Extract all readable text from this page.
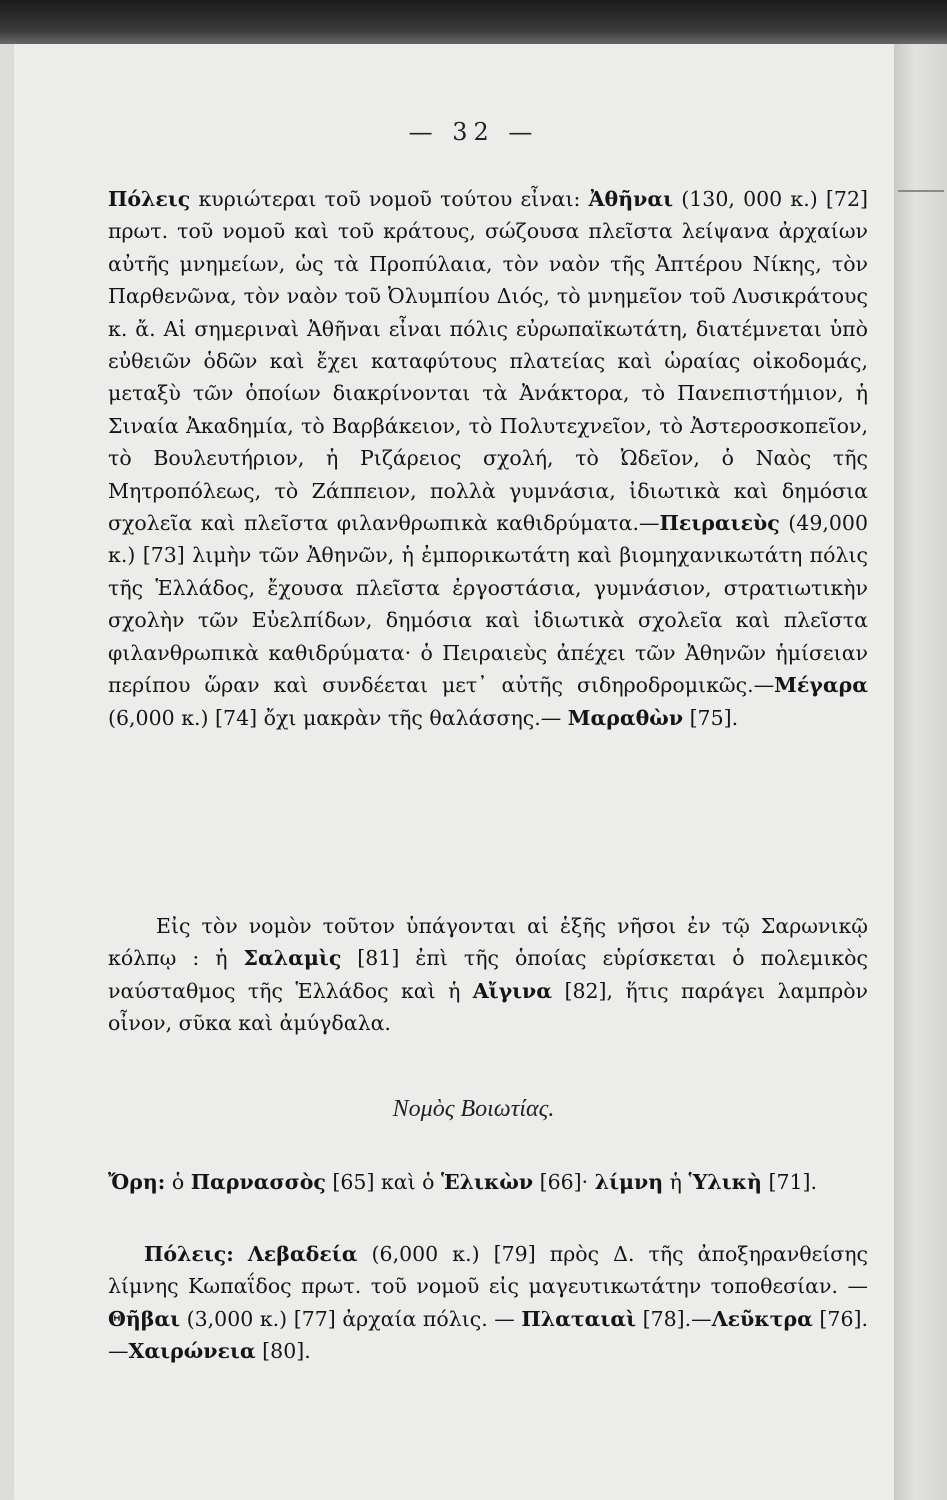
— 32 —

Πόλεις κυριώτεραι τοῦ νομοῦ τούτου εἶναι: Ἀθῆναι (130, 000 κ.) [72] πρωτ. τοῦ νομοῦ καὶ τοῦ κράτους, σώζουσα πλεῖστα λείψανα ἀρχαίων αὐτῆς μνημείων, ὡς τὰ Προπύλαια, τὸν ναὸν τῆς Ἀπτέρου Νίκης, τὸν Παρθενῶνα, τὸν ναὸν τοῦ Ὀλυμπίου Διός, τὸ μνημεῖον τοῦ Λυσικράτους κ. ἄ. Αἱ σημεριναὶ Ἀθῆναι εἶναι πόλις εὐρωπαϊκωτάτη, διατέμνεται ὑπὸ εὐθειῶν ὁδῶν καὶ ἔχει καταφύτους πλατείας καὶ ὡραίας οἰκοδομάς, μεταξὺ τῶν ὁποίων διακρίνονται τὰ Ἀνάκτορα, τὸ Πανεπιστήμιον, ἡ Σιναία Ἀκαδημία, τὸ Βαρβάκειον, τὸ Πολυτεχνεῖον, τὸ Ἀστεροσκοπεῖον, τὸ Βουλευτήριον, ἡ Ριζάρειος σχολή, τὸ Ὠδεῖον, ὁ Ναὸς τῆς Μητροπόλεως, τὸ Ζάππειον, πολλὰ γυμνάσια, ἰδιωτικὰ καὶ δημόσια σχολεῖα καὶ πλεῖστα φιλανθρωπικὰ καθιδρύματα.—Πειραιεὺς (49,000 κ.) [73] λιμὴν τῶν Ἀθηνῶν, ἡ ἐμπορικωτάτη καὶ βιομηχανικωτάτη πόλις τῆς Ἑλλάδος, ἔχουσα πλεῖστα ἐργοστάσια, γυμνάσιον, στρατιωτικὴν σχολὴν τῶν Εὐελπίδων, δημόσια καὶ ἰδιωτικὰ σχολεῖα καὶ πλεῖστα φιλανθρωπικὰ καθιδρύματα· ὁ Πειραιεὺς ἀπέχει τῶν Ἀθηνῶν ἡμίσειαν περίπου ὥραν καὶ συνδέεται μετ᾽ αὐτῆς σιδηροδρομικῶς.—Μέγαρα (6,000 κ.) [74] ὄχι μακρὰν τῆς θαλάσσης.— Μαραθὼν [75].

Εἰς τὸν νομὸν τοῦτον ὑπάγονται αἱ ἑξῆς νῆσοι ἐν τῷ Σαρωνικῷ κόλπῳ : ἡ Σαλαμὶς [81] ἐπὶ τῆς ὁποίας εὑρίσκεται ὁ πολεμικὸς ναύσταθμος τῆς Ἑλλάδος καὶ ἡ Αἴγινα [82], ἥτις παράγει λαμπρὸν οἶνον, σῦκα καὶ ἀμύγδαλα.

Νομὸς Βοιωτίας.

Ὄρη: ὁ Παρνασσὸς [65] καὶ ὁ Ἑλικὼν [66]· λίμνη ἡ Ὑλικὴ [71].

Πόλεις: Λεβαδεία (6,000 κ.) [79] πρὸς Δ. τῆς ἀποξηρανθείσης λίμνης Κωπαΐδος πρωτ. τοῦ νομοῦ εἰς μαγευτικωτάτην τοποθεσίαν. — Θῆβαι (3,000 κ.) [77] ἀρχαία πόλις. — Πλαταιαὶ [78].—Λεῦκτρα [76].—Χαιρώνεια [80].
